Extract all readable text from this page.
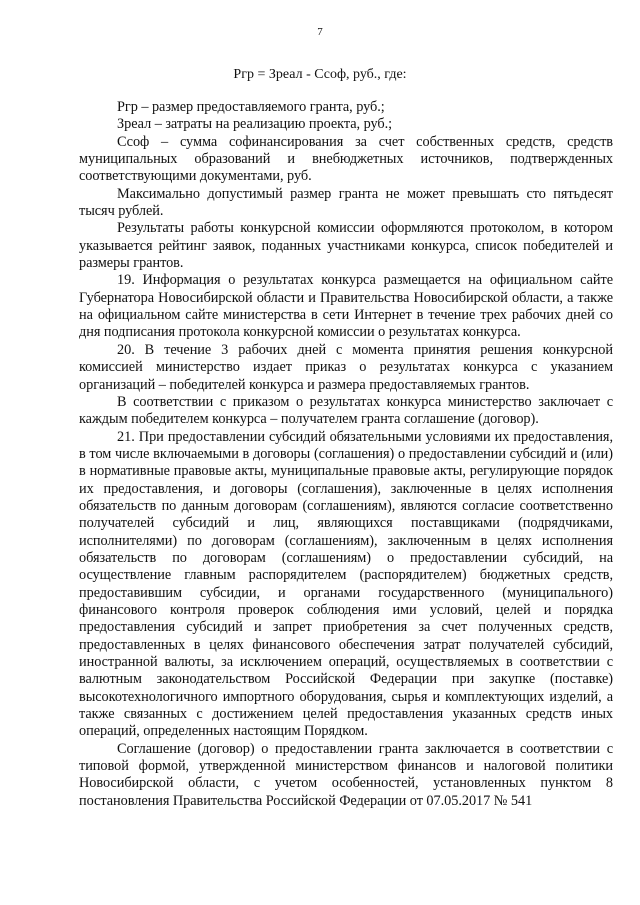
7
Ргр = Зреал - Ссоф, руб., где:

Ргр – размер предоставляемого гранта, руб.;

Зреал – затраты на реализацию проекта, руб.;

Ссоф – сумма софинансирования за счет собственных средств, средств муниципальных образований и внебюджетных источников, подтвержденных соответствующими документами, руб.

Максимально допустимый размер гранта не может превышать сто пятьдесят тысяч рублей.

Результаты работы конкурсной комиссии оформляются протоколом, в котором указывается рейтинг заявок, поданных участниками конкурса, список победителей и размеры грантов.

19. Информация о результатах конкурса размещается на официальном сайте Губернатора Новосибирской области и Правительства Новосибирской области, а также на официальном сайте министерства в сети Интернет в течение трех рабочих дней со дня подписания протокола конкурсной комиссии о результатах конкурса.

20. В течение 3 рабочих дней с момента принятия решения конкурсной комиссией министерство издает приказ о результатах конкурса с указанием организаций – победителей конкурса и размера предоставляемых грантов.

В соответствии с приказом о результатах конкурса министерство заключает с каждым победителем конкурса – получателем гранта соглашение (договор).

21. При предоставлении субсидий обязательными условиями их предоставления, в том числе включаемыми в договоры (соглашения) о предоставлении субсидий и (или) в нормативные правовые акты, муниципальные правовые акты, регулирующие порядок их предоставления, и договоры (соглашения), заключенные в целях исполнения обязательств по данным договорам (соглашениям), являются согласие соответственно получателей субсидий и лиц, являющихся поставщиками (подрядчиками, исполнителями) по договорам (соглашениям), заключенным в целях исполнения обязательств по договорам (соглашениям) о предоставлении субсидий, на осуществление главным распорядителем (распорядителем) бюджетных средств, предоставившим субсидии, и органами государственного (муниципального) финансового контроля проверок соблюдения ими условий, целей и порядка предоставления субсидий и запрет приобретения за счет полученных средств, предоставленных в целях финансового обеспечения затрат получателей субсидий, иностранной валюты, за исключением операций, осуществляемых в соответствии с валютным законодательством Российской Федерации при закупке (поставке) высокотехнологичного импортного оборудования, сырья и комплектующих изделий, а также связанных с достижением целей предоставления указанных средств иных операций, определенных настоящим Порядком.

Соглашение (договор) о предоставлении гранта заключается в соответствии с типовой формой, утвержденной министерством финансов и налоговой политики Новосибирской области, с учетом особенностей, установленных пунктом 8 постановления Правительства Российской Федерации от 07.05.2017 № 541
